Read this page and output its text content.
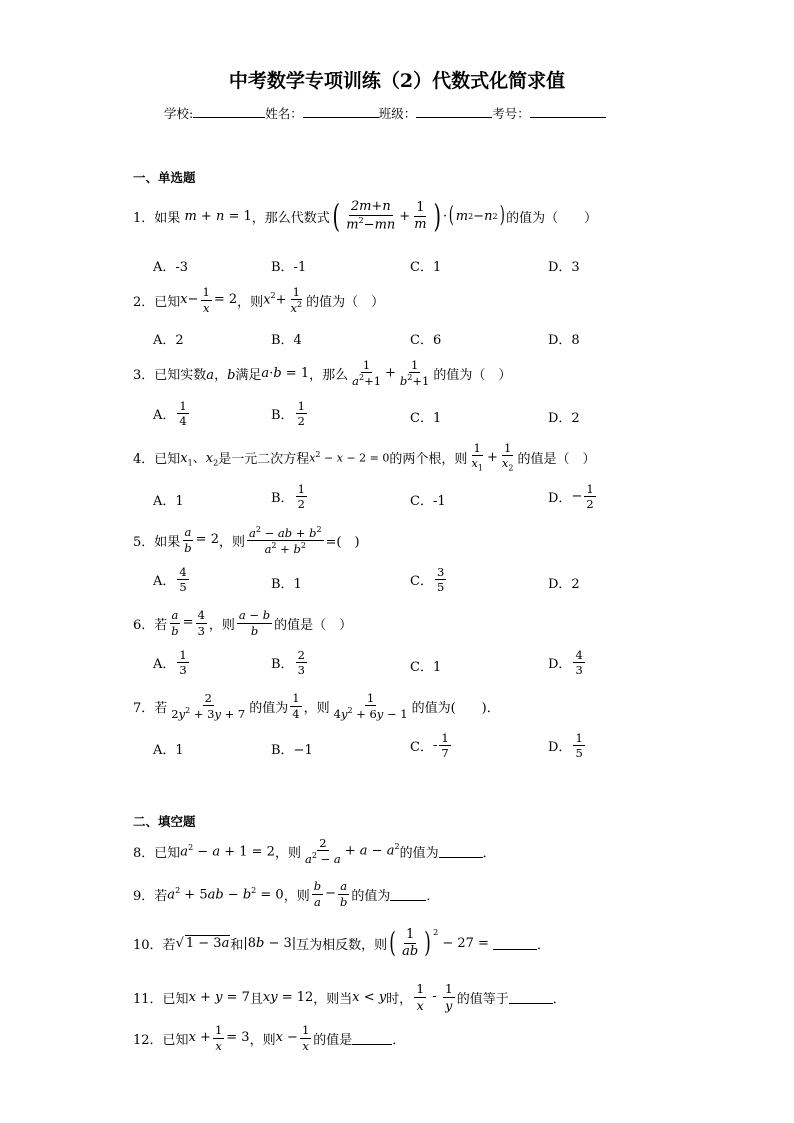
中考数学专项训练（2）代数式化简求值
学校:	姓名：	班级：	考号：
一、单选题
1． 如果 m + n = 1 ，那么代数式 ( $\frac{2m+n}{m^2-mn} + \frac{1}{m}$ ) · ( m 2 − n 2 ) 的值为（　　）
A．-3	B．-1	C．1	D．3
2． 已知 $x- \frac{1}{x} = 2$ ，则 $x^2+ \frac{1}{x^2}$ 的值为（　）
A．2	B．4	C．6	D．8
3． 已知实数 a，b 满足 a·b = 1 ，那么 $\frac{1}{a^2+1} + \frac{1}{b^2+1}$ 的值为（　）
A． $\frac{1}{4}$	B． $\frac{1}{2}$	C．1	D．2
4． 已知 $x_1$、$x_2$ 是一元二次方程 $x^2 - x - 2 = 0$ 的两个根，则 $\frac{1}{x_1} + \frac{1}{x_2}$ 的值是（　）
A．1	B． $\frac{1}{2}$	C．-1	D． − $\frac{1}{2}$
5． 如果 $\frac{a}{b} = 2$ ，则 $\frac{a^2 - ab + b^2}{a^2 + b^2}$ =(　)
A． $\frac{4}{5}$	B．1	C． $\frac{3}{5}$	D．2
6． 若 $\frac{a}{b} = \frac{4}{3}$ ，则 $\frac{a - b}{b}$ 的值是（　）
A． $\frac{1}{3}$	B． $\frac{2}{3}$	C．1	D． $\frac{4}{3}$
7． 若 $\frac{2}{2y^2 + 3y + 7}$ 的值为 $\frac{1}{4}$ ，则 $\frac{1}{4y^2 + 6y - 1}$ 的值为(　　)．
A．1	B．−1	C． - $\frac{1}{7}$	D． $\frac{1}{5}$
二、填空题
8． 已知 $a^2 - a + 1 = 2$ ，则 $\frac{2}{a^2 - a} + a - a^2$ 的值为	．
9． 若 $a^2 + 5ab - b^2 = 0$ ，则 $\frac{b}{a} - \frac{a}{b}$ 的值为	．
10． 若 √ 1 − 3a 和 |8b − 3| 互为相反数，则 ( $\frac{1}{ab}$ ) $^2$
− 27 =	．
11． 已知 x + y = 7 且 xy = 12 ，则当 x < y 时， $\frac{1}{x} - \frac{1}{y}$ 的值等于	．
12． 已知 $x + \frac{1}{x} = 3$ ，则 $x - \frac{1}{x}$ 的值是	．
